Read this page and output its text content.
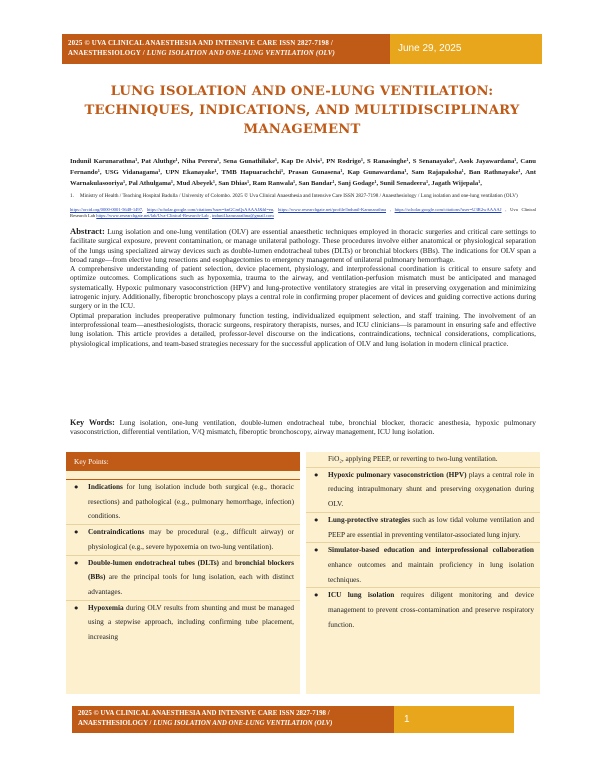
2025 © UVA CLINICAL ANAESTHESIA AND INTENSIVE CARE ISSN 2827-7198 /
ANAESTHESIOLOGY / LUNG ISOLATION AND ONE-LUNG VENTILATION (OLV)	June 29, 2025
LUNG ISOLATION AND ONE-LUNG VENTILATION: TECHNIQUES, INDICATIONS, AND MULTIDISCIPLINARY MANAGEMENT
Indunil Karunarathna¹, Pat Aluthge¹, Niha Perera¹, Sena Gunathilake¹, Kap De Alvis¹, PN Rodrigo¹, S Ranasinghe¹, S Senanayake¹, Asok Jayawardana¹, Canu Fernando¹, USG Vidanagama¹, UPN Ekanayake¹, TMB Hapuarachchi¹, Prasan Gunasena¹, Kap Gunawardana¹, Sam Rajapaksha¹, Ban Rathnayake¹, Ant Warnakulasooriya¹, Pal Athulgama¹, Mud Abeyek¹, San Dhias¹, Ram Ranwala¹, San Bandar¹, Sanj Godage¹, Sunil Senadeera¹, Jagath Wijepala¹,
1. Ministry of Health / Teaching Hospital Badulla / University of Colombo. 2025 © Uva Clinical Anaesthesia and Intensive Care ISSN 2827-7198 / Anaesthesiology / Lung isolation and one-lung ventilation (OLV)
https://orcid.org/0000-0001-5648-1497, https://scholar.google.com/citations?user=knGCmQsAAAAJ&hl=en, https://www.researchgate.net/profile/Indunil-Karunarathna , https://scholar.google.com/citations?user=U3R2wAAAAJ , Uva Clinical Research Lab https://www.researchgate.net/lab/Uva-Clinical-Research-Lab , indunil.karunarathna@gmail.com

Abstract: Lung isolation and one-lung ventilation (OLV) are essential anaesthetic techniques employed in thoracic surgeries and critical care settings to facilitate surgical exposure, prevent contamination, or manage unilateral pathology. These procedures involve either anatomical or physiological separation of the lungs using specialized airway devices such as double-lumen endotracheal tubes (DLTs) or bronchial blockers (BBs). The indications for OLV span a broad range—from elective lung resections and esophagectomies to emergency management of unilateral pulmonary hemorrhage.

A comprehensive understanding of patient selection, device placement, physiology, and interprofessional coordination is critical to ensure safety and optimize outcomes. Complications such as hypoxemia, trauma to the airway, and ventilation-perfusion mismatch must be anticipated and managed systematically. Hypoxic pulmonary vasoconstriction (HPV) and lung-protective ventilatory strategies are vital in preserving oxygenation and minimizing iatrogenic injury. Additionally, fiberoptic bronchoscopy plays a central role in confirming proper placement of devices and guiding corrective actions during surgery or in the ICU.

Optimal preparation includes preoperative pulmonary function testing, individualized equipment selection, and staff training. The involvement of an interprofessional team—anesthesiologists, thoracic surgeons, respiratory therapists, nurses, and ICU clinicians—is paramount in ensuring safe and effective lung isolation. This article provides a detailed, professor-level discourse on the indications, contraindications, technical considerations, complications, physiological implications, and team-based strategies necessary for the successful application of OLV and lung isolation in modern clinical practice.

Key Words: Lung isolation, one-lung ventilation, double-lumen endotracheal tube, bronchial blocker, thoracic anesthesia, hypoxic pulmonary vasoconstriction, differential ventilation, V/Q mismatch, fiberoptic bronchoscopy, airway management, ICU lung isolation.
Key Points:
● Indications for lung isolation include both surgical (e.g., thoracic resections) and pathological (e.g., pulmonary hemorrhage, infection) conditions.
● Contraindications may be procedural (e.g., difficult airway) or physiological (e.g., severe hypoxemia on two-lung ventilation).
● Double-lumen endotracheal tubes (DLTs) and bronchial blockers (BBs) are the principal tools for lung isolation, each with distinct advantages.
● Hypoxemia during OLV results from shunting and must be managed using a stepwise approach, including confirming tube placement, increasing
FiO₂, applying PEEP, or reverting to two-lung ventilation.
● Hypoxic pulmonary vasoconstriction (HPV) plays a central role in reducing intrapulmonary shunt and preserving oxygenation during OLV.
● Lung-protective strategies such as low tidal volume ventilation and PEEP are essential in preventing ventilator-associated lung injury.
● Simulator-based education and interprofessional collaboration enhance outcomes and maintain proficiency in lung isolation techniques.
● ICU lung isolation requires diligent monitoring and device management to prevent cross-contamination and preserve respiratory function.
2025 © UVA CLINICAL ANAESTHESIA AND INTENSIVE CARE ISSN 2827-7198 /
ANAESTHESIOLOGY / LUNG ISOLATION AND ONE-LUNG VENTILATION (OLV)	1
